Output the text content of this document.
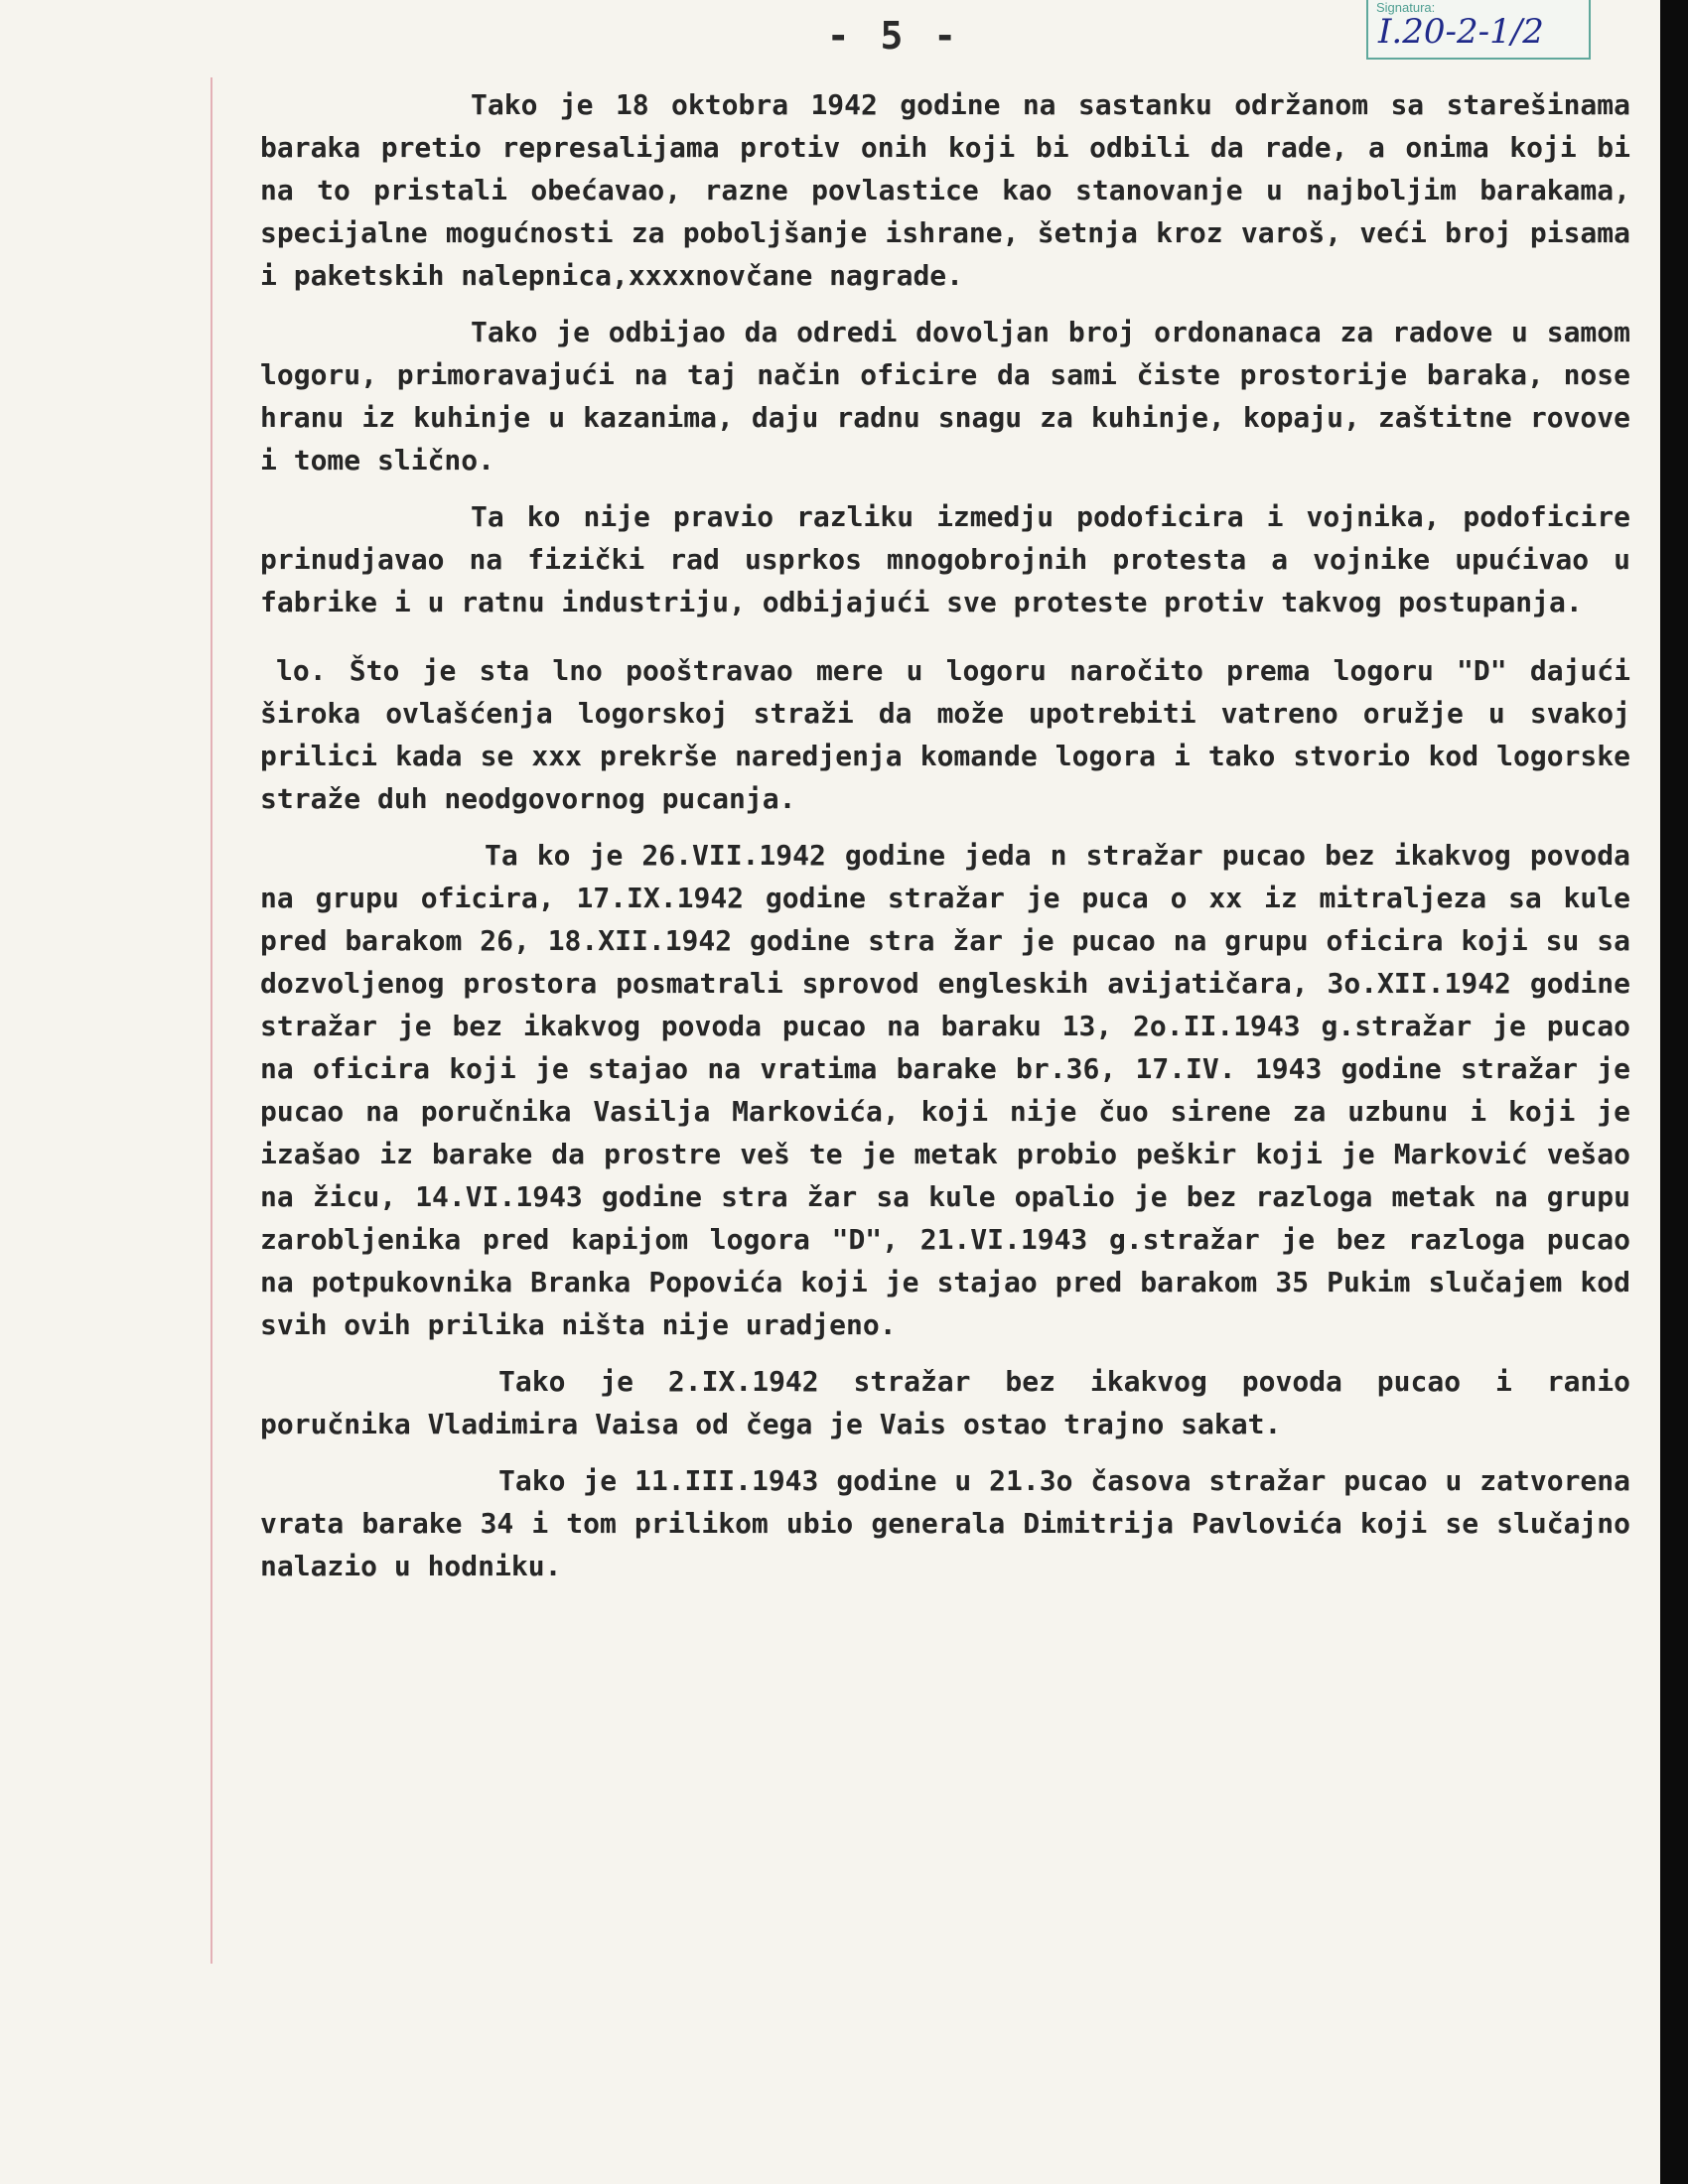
- 5 -
Signatura:
I.20-2-1/2

Tako je 18 oktobra 1942 godine na sastanku održanom sa starešinama baraka pretio represalijama protiv onih koji bi odbili da rade, a onima koji bi na to pristali obećavao, razne povlastice kao stanovanje u najboljim barakama, specijalne mogućnosti za poboljšanje ishrane, šetnja kroz varoš, veći broj pisama i paketskih nalepnica,xxxxnovčane nagrade.

Tako je odbijao da odredi dovoljan broj ordonanaca za radove u samom logoru, primoravajući na taj način oficire da sami čiste prostorije baraka, nose hranu iz kuhinje u kazanima, daju radnu snagu za kuhinje, kopaju, zaštitne rovove i tome slično.

Ta ko nije pravio razliku izmedju podoficira i vojnika, podoficire prinudjavao na fizički rad usprkos mnogobrojnih protesta a vojnike upućivao u fabrike i u ratnu industriju, odbijajući sve proteste protiv takvog postupanja.

lo. Što je sta lno pooštravao mere u logoru naročito prema logoru "D" dajući široka ovlašćenja logorskoj straži da može upotrebiti vatreno oružje u svakoj prilici kada se xxx prekrše naredjenja komande logora i tako stvorio kod logorske straže duh neodgovornog pucanja.

Ta ko je 26.VII.1942 godine jeda n stražar pucao bez ikakvog povoda na grupu oficira, 17.IX.1942 godine stražar je puca o xx iz mitraljeza sa kule pred barakom 26, 18.XII.1942 godine stra žar je pucao na grupu oficira koji su sa dozvoljenog prostora posmatrali sprovod engleskih avijatičara, 3o.XII.1942 godine stražar je bez ikakvog povoda pucao na baraku 13, 2o.II.1943 g.stražar je pucao na oficira koji je stajao na vratima barake br.36, 17.IV. 1943 godine stražar je pucao na poručnika Vasilja Markovića, koji nije čuo sirene za uzbunu i koji je izašao iz barake da prostre veš te je metak probio peškir koji je Marković vešao na žicu, 14.VI.1943 godine stra žar sa kule opalio je bez razloga metak na grupu zarobljenika pred kapijom logora "D", 21.VI.1943 g.stražar je bez razloga pucao na potpukovnika Branka Popovića koji je stajao pred barakom 35 Pukim slučajem kod svih ovih prilika ništa nije uradjeno.

Tako je 2.IX.1942 stražar bez ikakvog povoda pucao i ranio poručnika Vladimira Vaisa od čega je Vais ostao trajno sakat.

Tako je 11.III.1943 godine u 21.3o časova stražar pucao u zatvorena vrata barake 34 i tom prilikom ubio generala Dimitrija Pavlovića koji se slučajno nalazio u hodniku.
